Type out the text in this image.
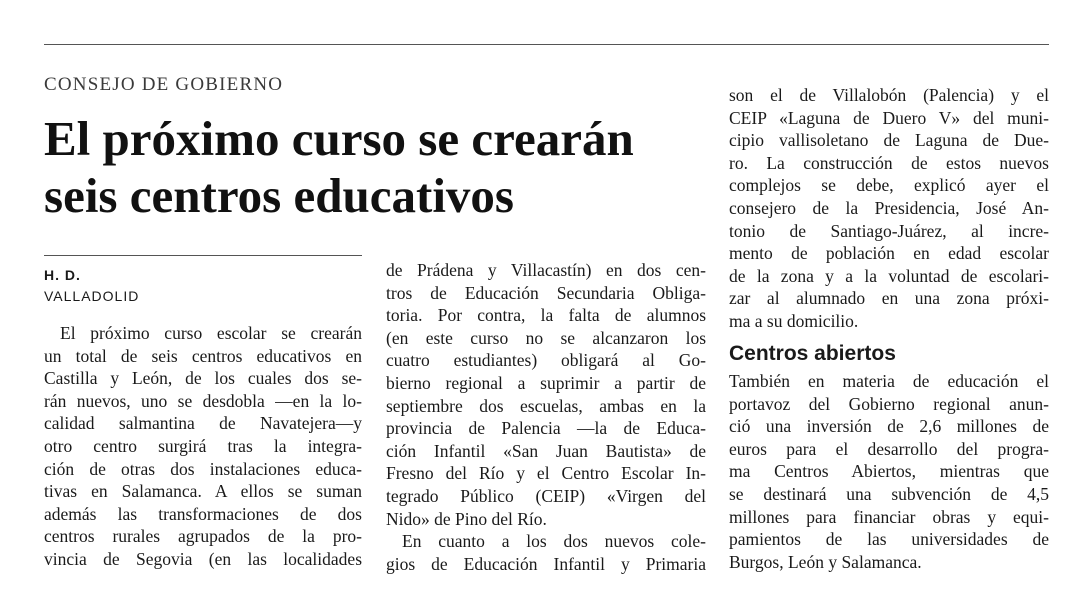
CONSEJO DE GOBIERNO
El próximo curso se crearán
seis centros educativos
H. D.
VALLADOLID
El próximo curso escolar se crearán
un total de seis centros educativos en
Castilla y León, de los cuales dos se-
rán nuevos, uno se desdobla —en la lo-
calidad salmantina de Navatejera—y
otro centro surgirá tras la integra-
ción de otras dos instalaciones educa-
tivas en Salamanca. A ellos se suman
además las transformaciones de dos
centros rurales agrupados de la pro-
vincia de Segovia (en las localidades
de Prádena y Villacastín) en dos cen-
tros de Educación Secundaria Obliga-
toria. Por contra, la falta de alumnos
(en este curso no se alcanzaron los
cuatro estudiantes) obligará al Go-
bierno regional a suprimir a partir de
septiembre dos escuelas, ambas en la
provincia de Palencia —la de Educa-
ción Infantil «San Juan Bautista» de
Fresno del Río y el Centro Escolar In-
tegrado Público (CEIP) «Virgen del
Nido» de Pino del Río.
En cuanto a los dos nuevos cole-
gios de Educación Infantil y Primaria
son el de Villalobón (Palencia) y el
CEIP «Laguna de Duero V» del muni-
cipio vallisoletano de Laguna de Due-
ro. La construcción de estos nuevos
complejos se debe, explicó ayer el
consejero de la Presidencia, José An-
tonio de Santiago-Juárez, al incre-
mento de población en edad escolar
de la zona y a la voluntad de escolari-
zar al alumnado en una zona próxi-
ma a su domicilio.
Centros abiertos
También en materia de educación el
portavoz del Gobierno regional anun-
ció una inversión de 2,6 millones de
euros para el desarrollo del progra-
ma Centros Abiertos, mientras que
se destinará una subvención de 4,5
millones para financiar obras y equi-
pamientos de las universidades de
Burgos, León y Salamanca.
